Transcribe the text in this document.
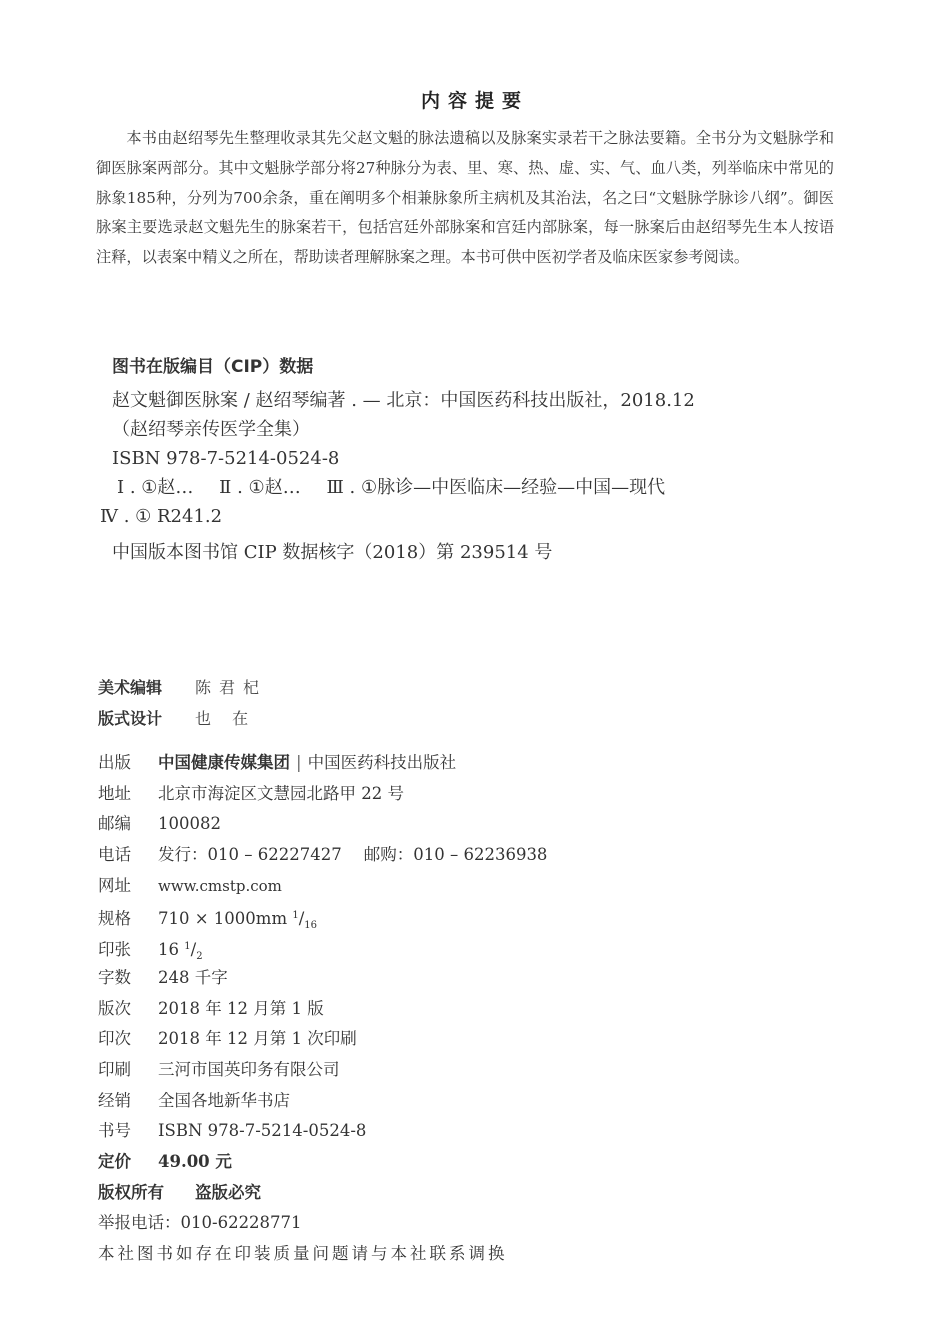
内容提要
本书由赵绍琴先生整理收录其先父赵文魁的脉法遗稿以及脉案实录若干之脉法要籍。全书分为文魁脉学和御医脉案两部分。其中文魁脉学部分将27种脉分为表、里、寒、热、虚、实、气、血八类，列举临床中常见的脉象185种，分列为700余条，重在阐明多个相兼脉象所主病机及其治法，名之曰“文魁脉学脉诊八纲”。御医脉案主要选录赵文魁先生的脉案若干，包括宫廷外部脉案和宫廷内部脉案，每一脉案后由赵绍琴先生本人按语注释，以表案中精义之所在，帮助读者理解脉案之理。本书可供中医初学者及临床医家参考阅读。
图书在版编目（CIP）数据
赵文魁御医脉案 / 赵绍琴编著 . — 北京：中国医药科技出版社，2018.12
（赵绍琴亲传医学全集）
ISBN 978-7-5214-0524-8
Ⅰ . ①赵… Ⅱ . ①赵… Ⅲ . ①脉诊—中医临床—经验—中国—现代
Ⅳ . ① R241.2
中国版本图书馆 CIP 数据核字（2018）第 239514 号
美术编辑 陈君杞
版式设计 也 在
出版 中国健康传媒集团 | 中国医药科技出版社
地址 北京市海淀区文慧园北路甲 22 号
邮编 100082
电话 发行：010 – 62227427 邮购：010 – 62236938
网址 www.cmstp.com
规格 710 × 1000mm $^1/_{16}$
印张 16 $^1/_2$
字数 248 千字
版次 2018 年 12 月第 1 版
印次 2018 年 12 月第 1 次印刷
印刷 三河市国英印务有限公司
经销 全国各地新华书店
书号 ISBN 978-7-5214-0524-8
定价 49.00 元
版权所有 盗版必究
举报电话：010-62228771
本社图书如存在印装质量问题请与本社联系调换
